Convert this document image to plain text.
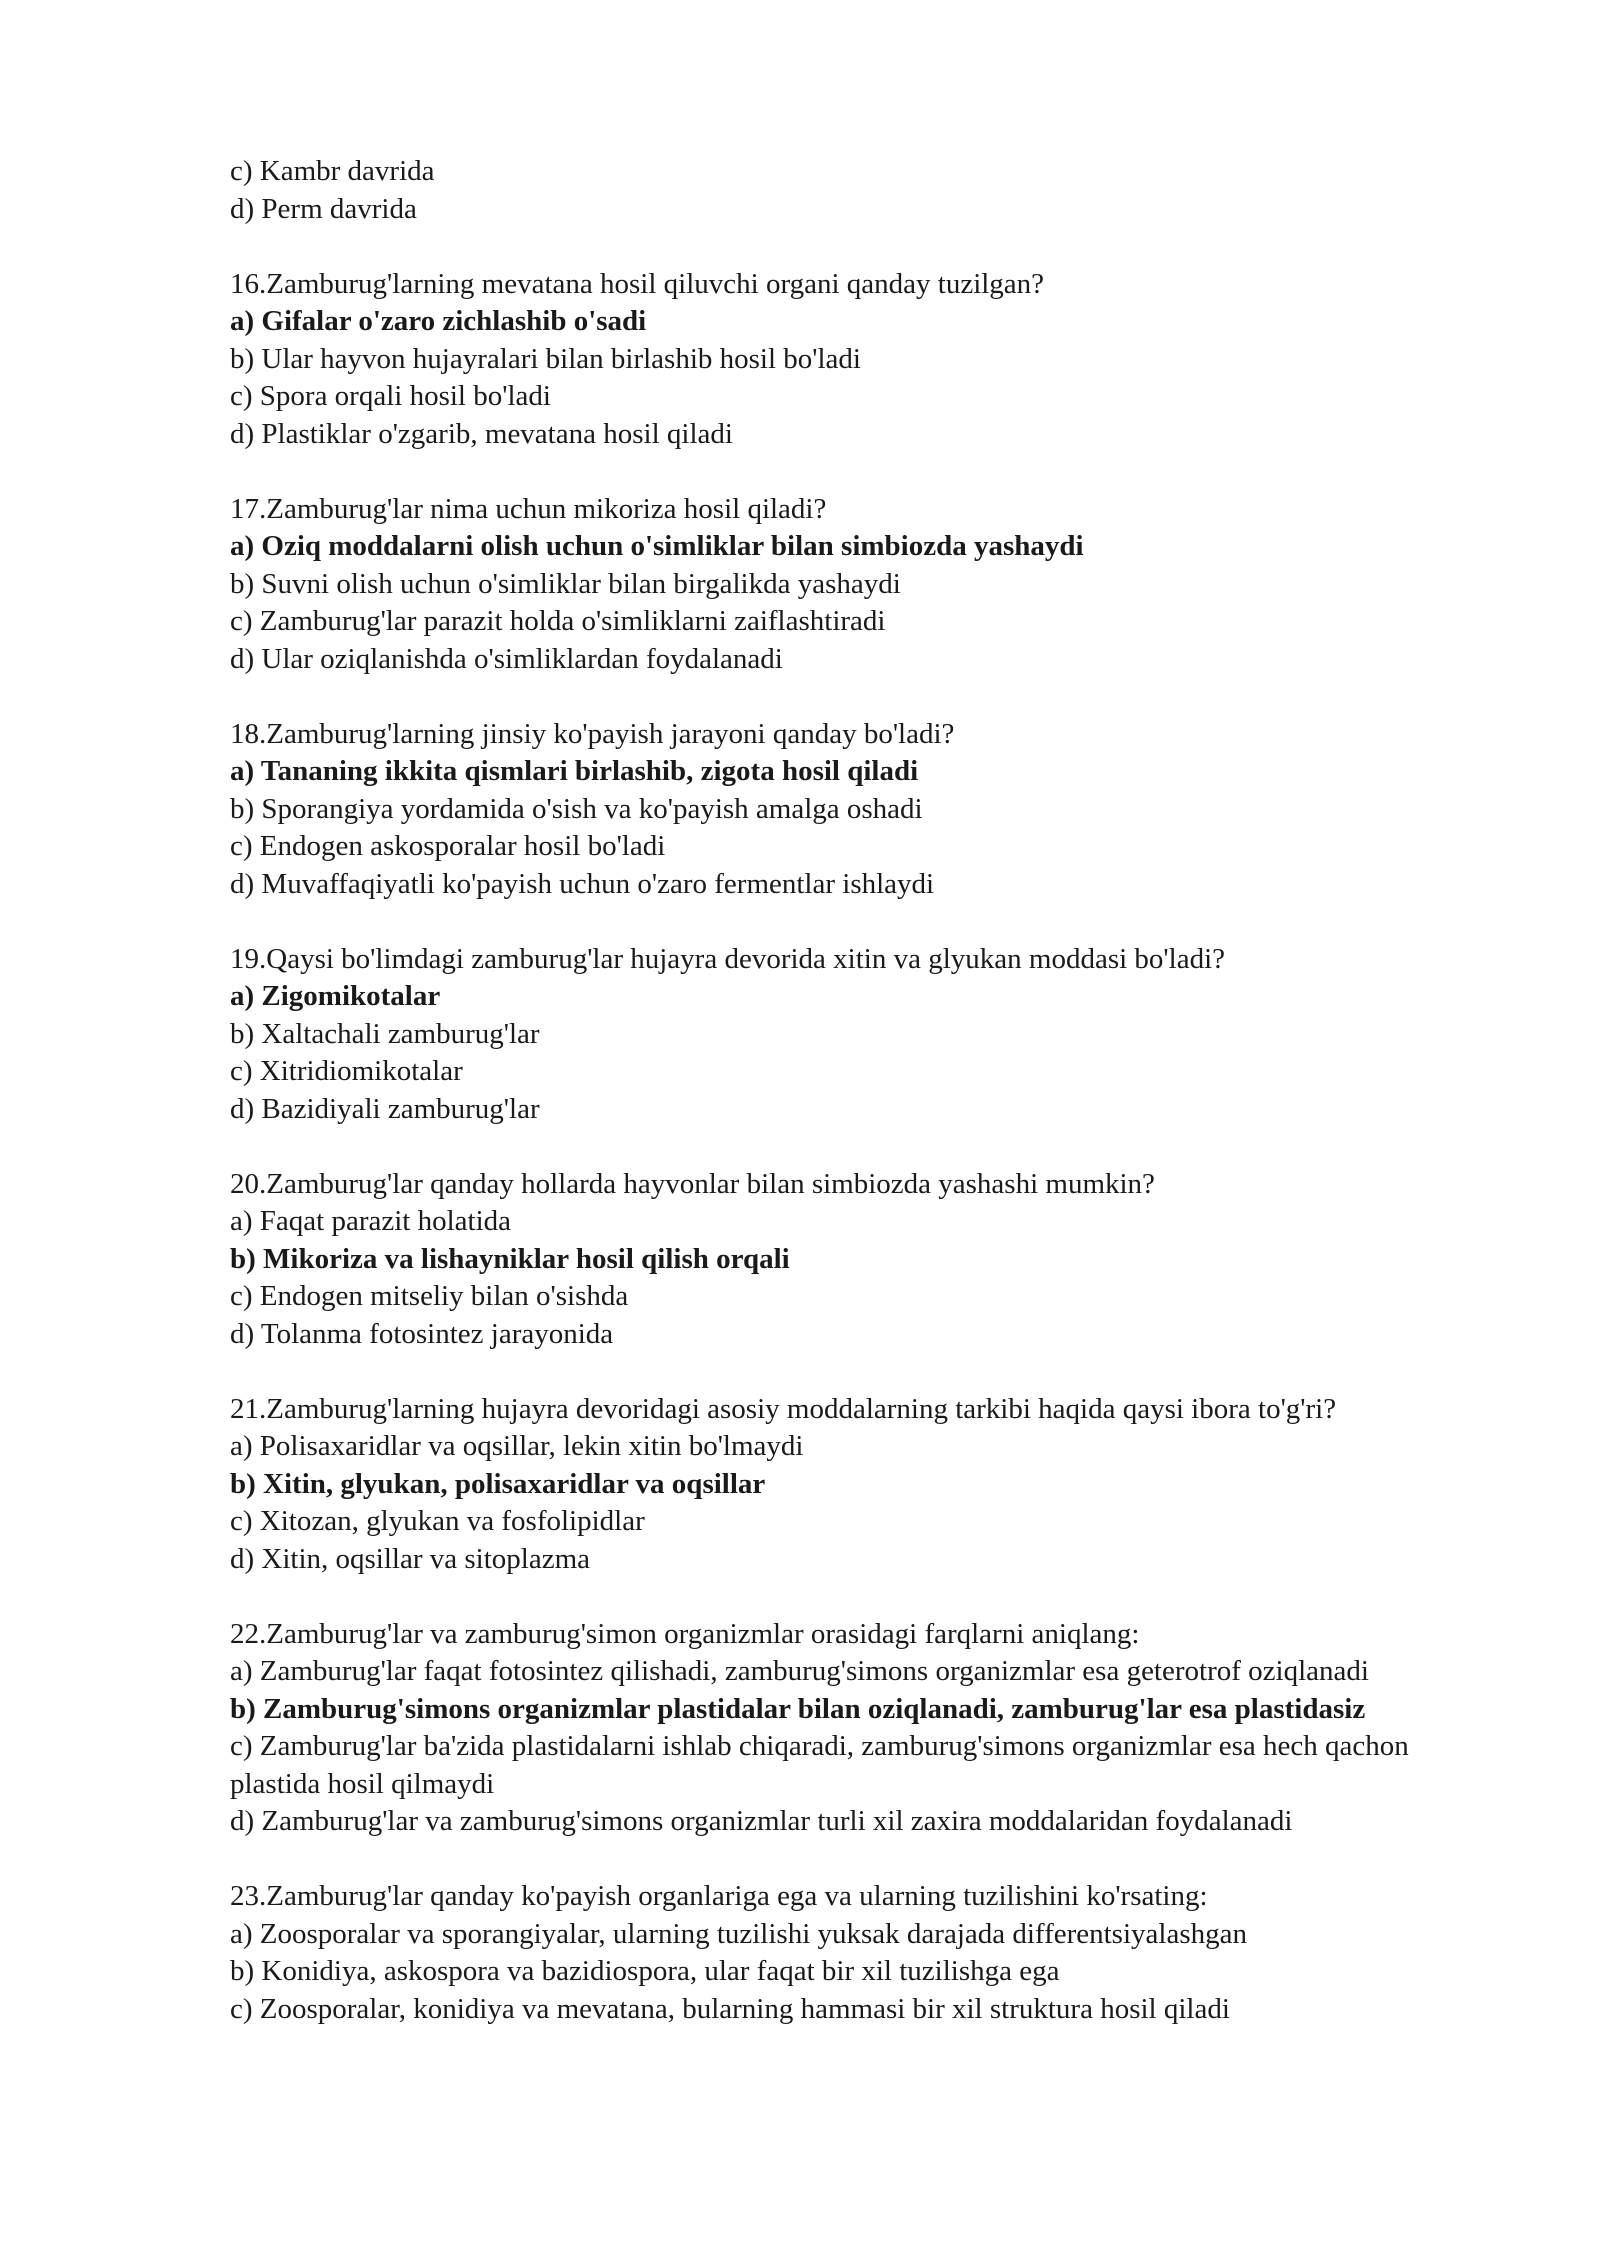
c) Kambr davrida

d) Perm davrida

16.Zamburug'larning mevatana hosil qiluvchi organi qanday tuzilgan?

a) Gifalar o'zaro zichlashib o'sadi

b) Ular hayvon hujayralari bilan birlashib hosil bo'ladi

c) Spora orqali hosil bo'ladi

d) Plastiklar o'zgarib, mevatana hosil qiladi

17.Zamburug'lar nima uchun mikoriza hosil qiladi?

a) Oziq moddalarni olish uchun o'simliklar bilan simbiozda yashaydi

b) Suvni olish uchun o'simliklar bilan birgalikda yashaydi

c) Zamburug'lar parazit holda o'simliklarni zaiflashtiradi

d) Ular oziqlanishda o'simliklardan foydalanadi

18.Zamburug'larning jinsiy ko'payish jarayoni qanday bo'ladi?

a) Tananing ikkita qismlari birlashib, zigota hosil qiladi

b) Sporangiya yordamida o'sish va ko'payish amalga oshadi

c) Endogen askosporalar hosil bo'ladi

d) Muvaffaqiyatli ko'payish uchun o'zaro fermentlar ishlaydi

19.Qaysi bo'limdagi zamburug'lar hujayra devorida xitin va glyukan moddasi bo'ladi?

a) Zigomikotalar

b) Xaltachali zamburug'lar

c) Xitridiomikotalar

d) Bazidiyali zamburug'lar

20.Zamburug'lar qanday hollarda hayvonlar bilan simbiozda yashashi mumkin?

a) Faqat parazit holatida

b) Mikoriza va lishayniklar hosil qilish orqali

c) Endogen mitseliy bilan o'sishda

d) Tolanma fotosintez jarayonida

21.Zamburug'larning hujayra devoridagi asosiy moddalarning tarkibi haqida qaysi ibora to'g'ri?

a) Polisaxaridlar va oqsillar, lekin xitin bo'lmaydi

b) Xitin, glyukan, polisaxaridlar va oqsillar

c) Xitozan, glyukan va fosfolipidlar

d) Xitin, oqsillar va sitoplazma

22.Zamburug'lar va zamburug'simon organizmlar orasidagi farqlarni aniqlang:

a) Zamburug'lar faqat fotosintez qilishadi, zamburug'simons organizmlar esa geterotrof oziqlanadi

b) Zamburug'simons organizmlar plastidalar bilan oziqlanadi, zamburug'lar esa plastidasiz

c) Zamburug'lar ba'zida plastidalarni ishlab chiqaradi, zamburug'simons organizmlar esa hech qachon plastida hosil qilmaydi

d) Zamburug'lar va zamburug'simons organizmlar turli xil zaxira moddalaridan foydalanadi

23.Zamburug'lar qanday ko'payish organlariga ega va ularning tuzilishini ko'rsating:

a) Zoosporalar va sporangiyalar, ularning tuzilishi yuksak darajada differentsiyalashgan

b) Konidiya, askospora va bazidiospora, ular faqat bir xil tuzilishga ega

c) Zoosporalar, konidiya va mevatana, bularning hammasi bir xil struktura hosil qiladi
